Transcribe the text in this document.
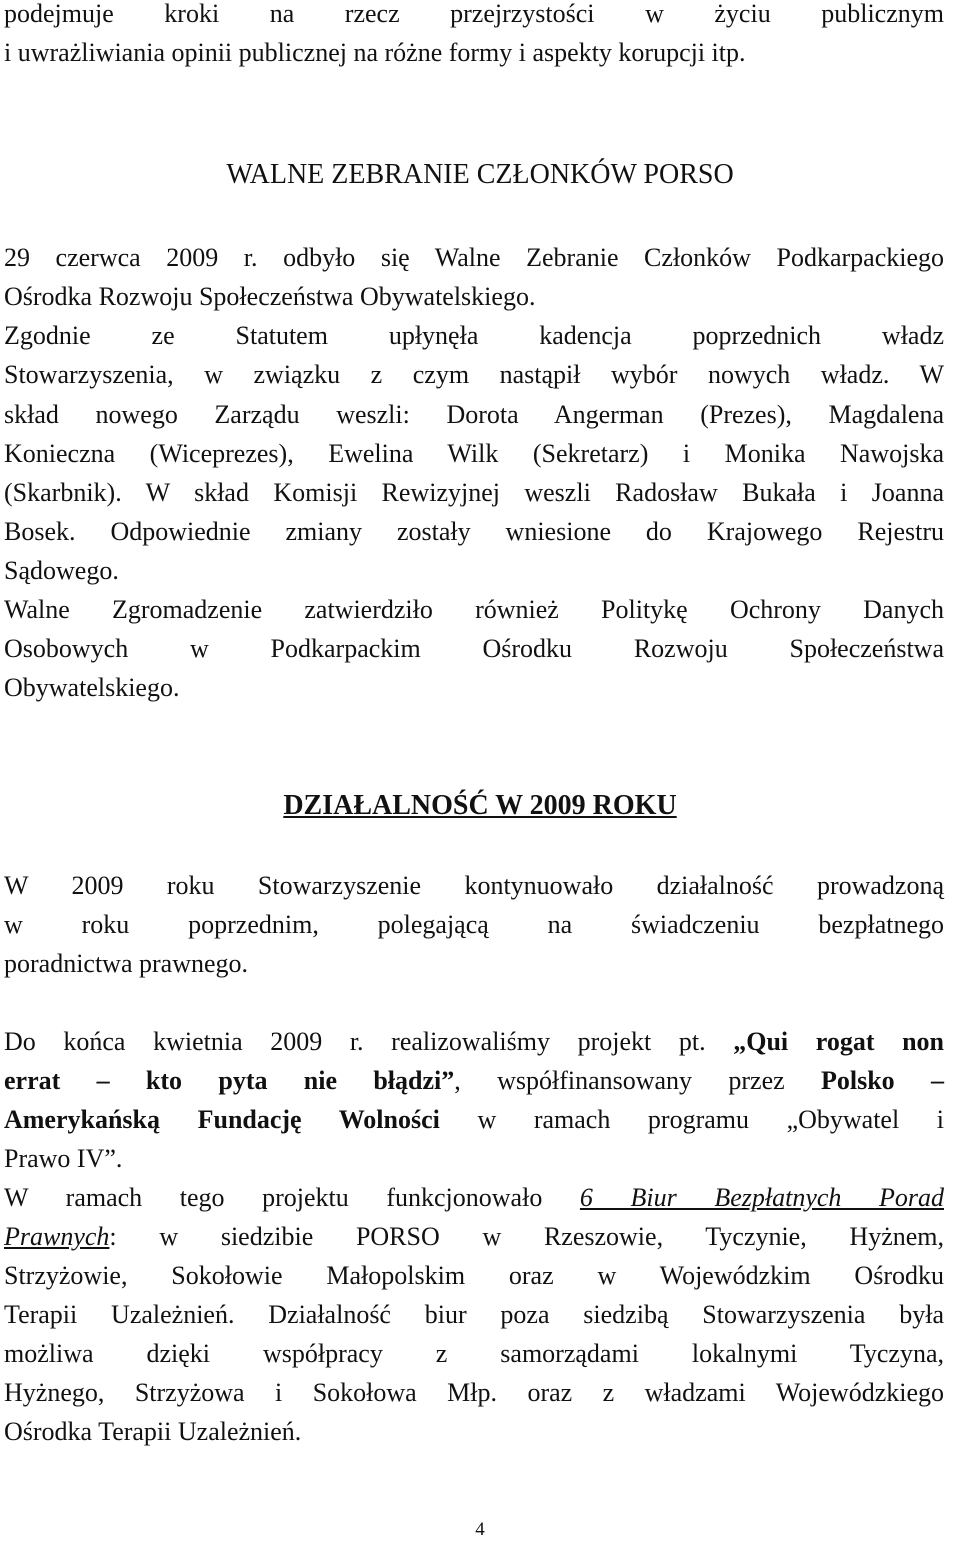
podejmuje kroki na rzecz przejrzystości w życiu publicznym

i uwrażliwiania opinii publicznej na różne formy i aspekty korupcji itp.

WALNE ZEBRANIE CZŁONKÓW PORSO

29 czerwca 2009 r. odbyło się Walne Zebranie Członków Podkarpackiego

Ośrodka Rozwoju Społeczeństwa Obywatelskiego.

Zgodnie ze Statutem upłynęła kadencja poprzednich władz

Stowarzyszenia, w związku z czym nastąpił wybór nowych władz. W

skład nowego Zarządu weszli: Dorota Angerman (Prezes), Magdalena

Konieczna (Wiceprezes), Ewelina Wilk (Sekretarz) i Monika Nawojska

(Skarbnik). W skład Komisji Rewizyjnej weszli Radosław Bukała i Joanna

Bosek. Odpowiednie zmiany zostały wniesione do Krajowego Rejestru

Sądowego.

Walne Zgromadzenie zatwierdziło również Politykę Ochrony Danych

Osobowych w Podkarpackim Ośrodku Rozwoju Społeczeństwa

Obywatelskiego.

DZIAŁALNOŚĆ W 2009 ROKU

W 2009 roku Stowarzyszenie kontynuowało działalność prowadzoną

w roku poprzednim, polegającą na świadczeniu bezpłatnego

poradnictwa prawnego.

Do końca kwietnia 2009 r. realizowaliśmy projekt pt. „Qui rogat non

errat – kto pyta nie błądzi”, współfinansowany przez Polsko –

Amerykańską Fundację Wolności w ramach programu „Obywatel i

Prawo IV”.

W ramach tego projektu funkcjonowało 6 Biur Bezpłatnych Porad

Prawnych: w siedzibie PORSO w Rzeszowie, Tyczynie, Hyżnem,

Strzyżowie, Sokołowie Małopolskim oraz w Wojewódzkim Ośrodku

Terapii Uzależnień. Działalność biur poza siedzibą Stowarzyszenia była

możliwa dzięki współpracy z samorządami lokalnymi Tyczyna,

Hyżnego, Strzyżowa i Sokołowa Młp. oraz z władzami Wojewódzkiego

Ośrodka Terapii Uzależnień.

4
